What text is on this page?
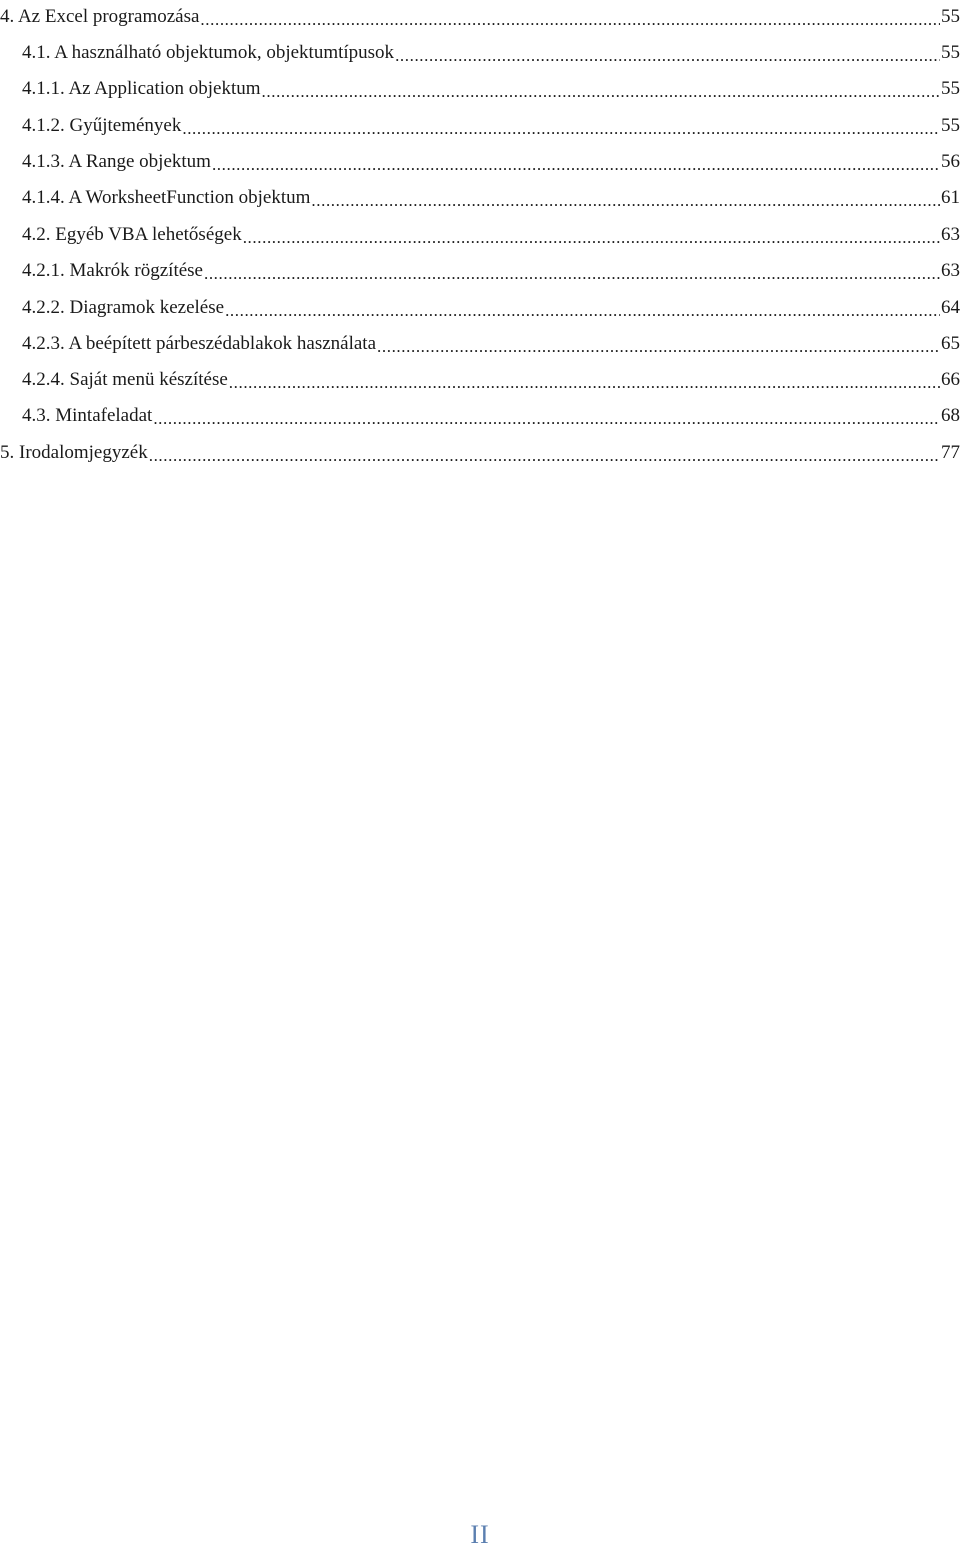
4. Az Excel programozása .....	55
4.1. A használható objektumok, objektumtípusok .....	55
4.1.1. Az Application objektum .....	55
4.1.2. Gyűjtemények .....	55
4.1.3. A Range objektum .....	56
4.1.4. A WorksheetFunction objektum .....	61
4.2. Egyéb VBA lehetőségek .....	63
4.2.1. Makrók rögzítése .....	63
4.2.2. Diagramok kezelése .....	64
4.2.3. A beépített párbeszédablakok használata .....	65
4.2.4. Saját menü készítése .....	66
4.3. Mintafeladat .....	68
5. Irodalomjegyzék .....	77
II
